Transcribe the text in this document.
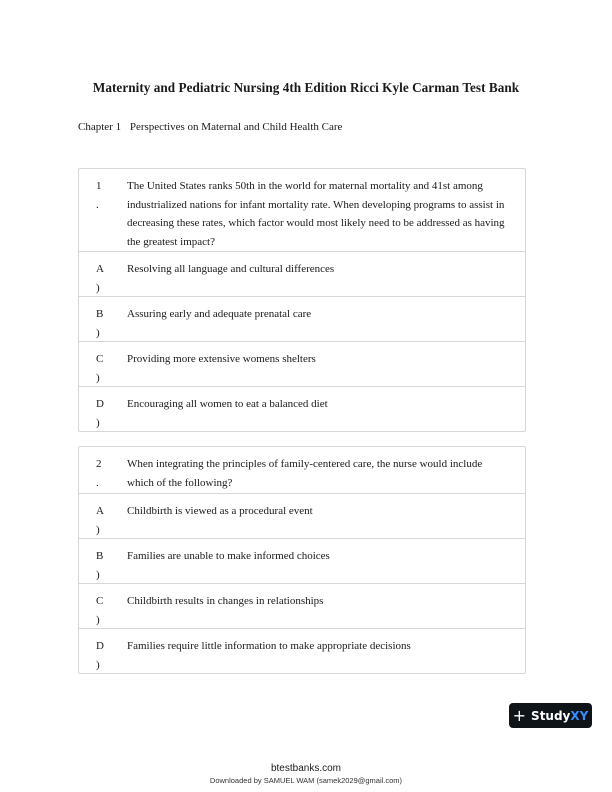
Maternity and Pediatric Nursing 4th Edition Ricci Kyle Carman Test Bank
Chapter 1 Perspectives on Maternal and Child Health Care
1
.
The United States ranks 50th in the world for maternal mortality and 41st among industrialized nations for infant mortality rate. When developing programs to assist in decreasing these rates, which factor would most likely need to be addressed as having the greatest impact?
A
)
Resolving all language and cultural differences
B
)
Assuring early and adequate prenatal care
C
)
Providing more extensive womens shelters
D
)
Encouraging all women to eat a balanced diet
2
.
When integrating the principles of family-centered care, the nurse would include which of the following?
A
)
Childbirth is viewed as a procedural event
B
)
Families are unable to make informed choices
C
)
Childbirth results in changes in relationships
D
)
Families require little information to make appropriate decisions
+ StudyXY
btestbanks.com
Downloaded by SAMUEL WAM (samek2029@gmail.com)
